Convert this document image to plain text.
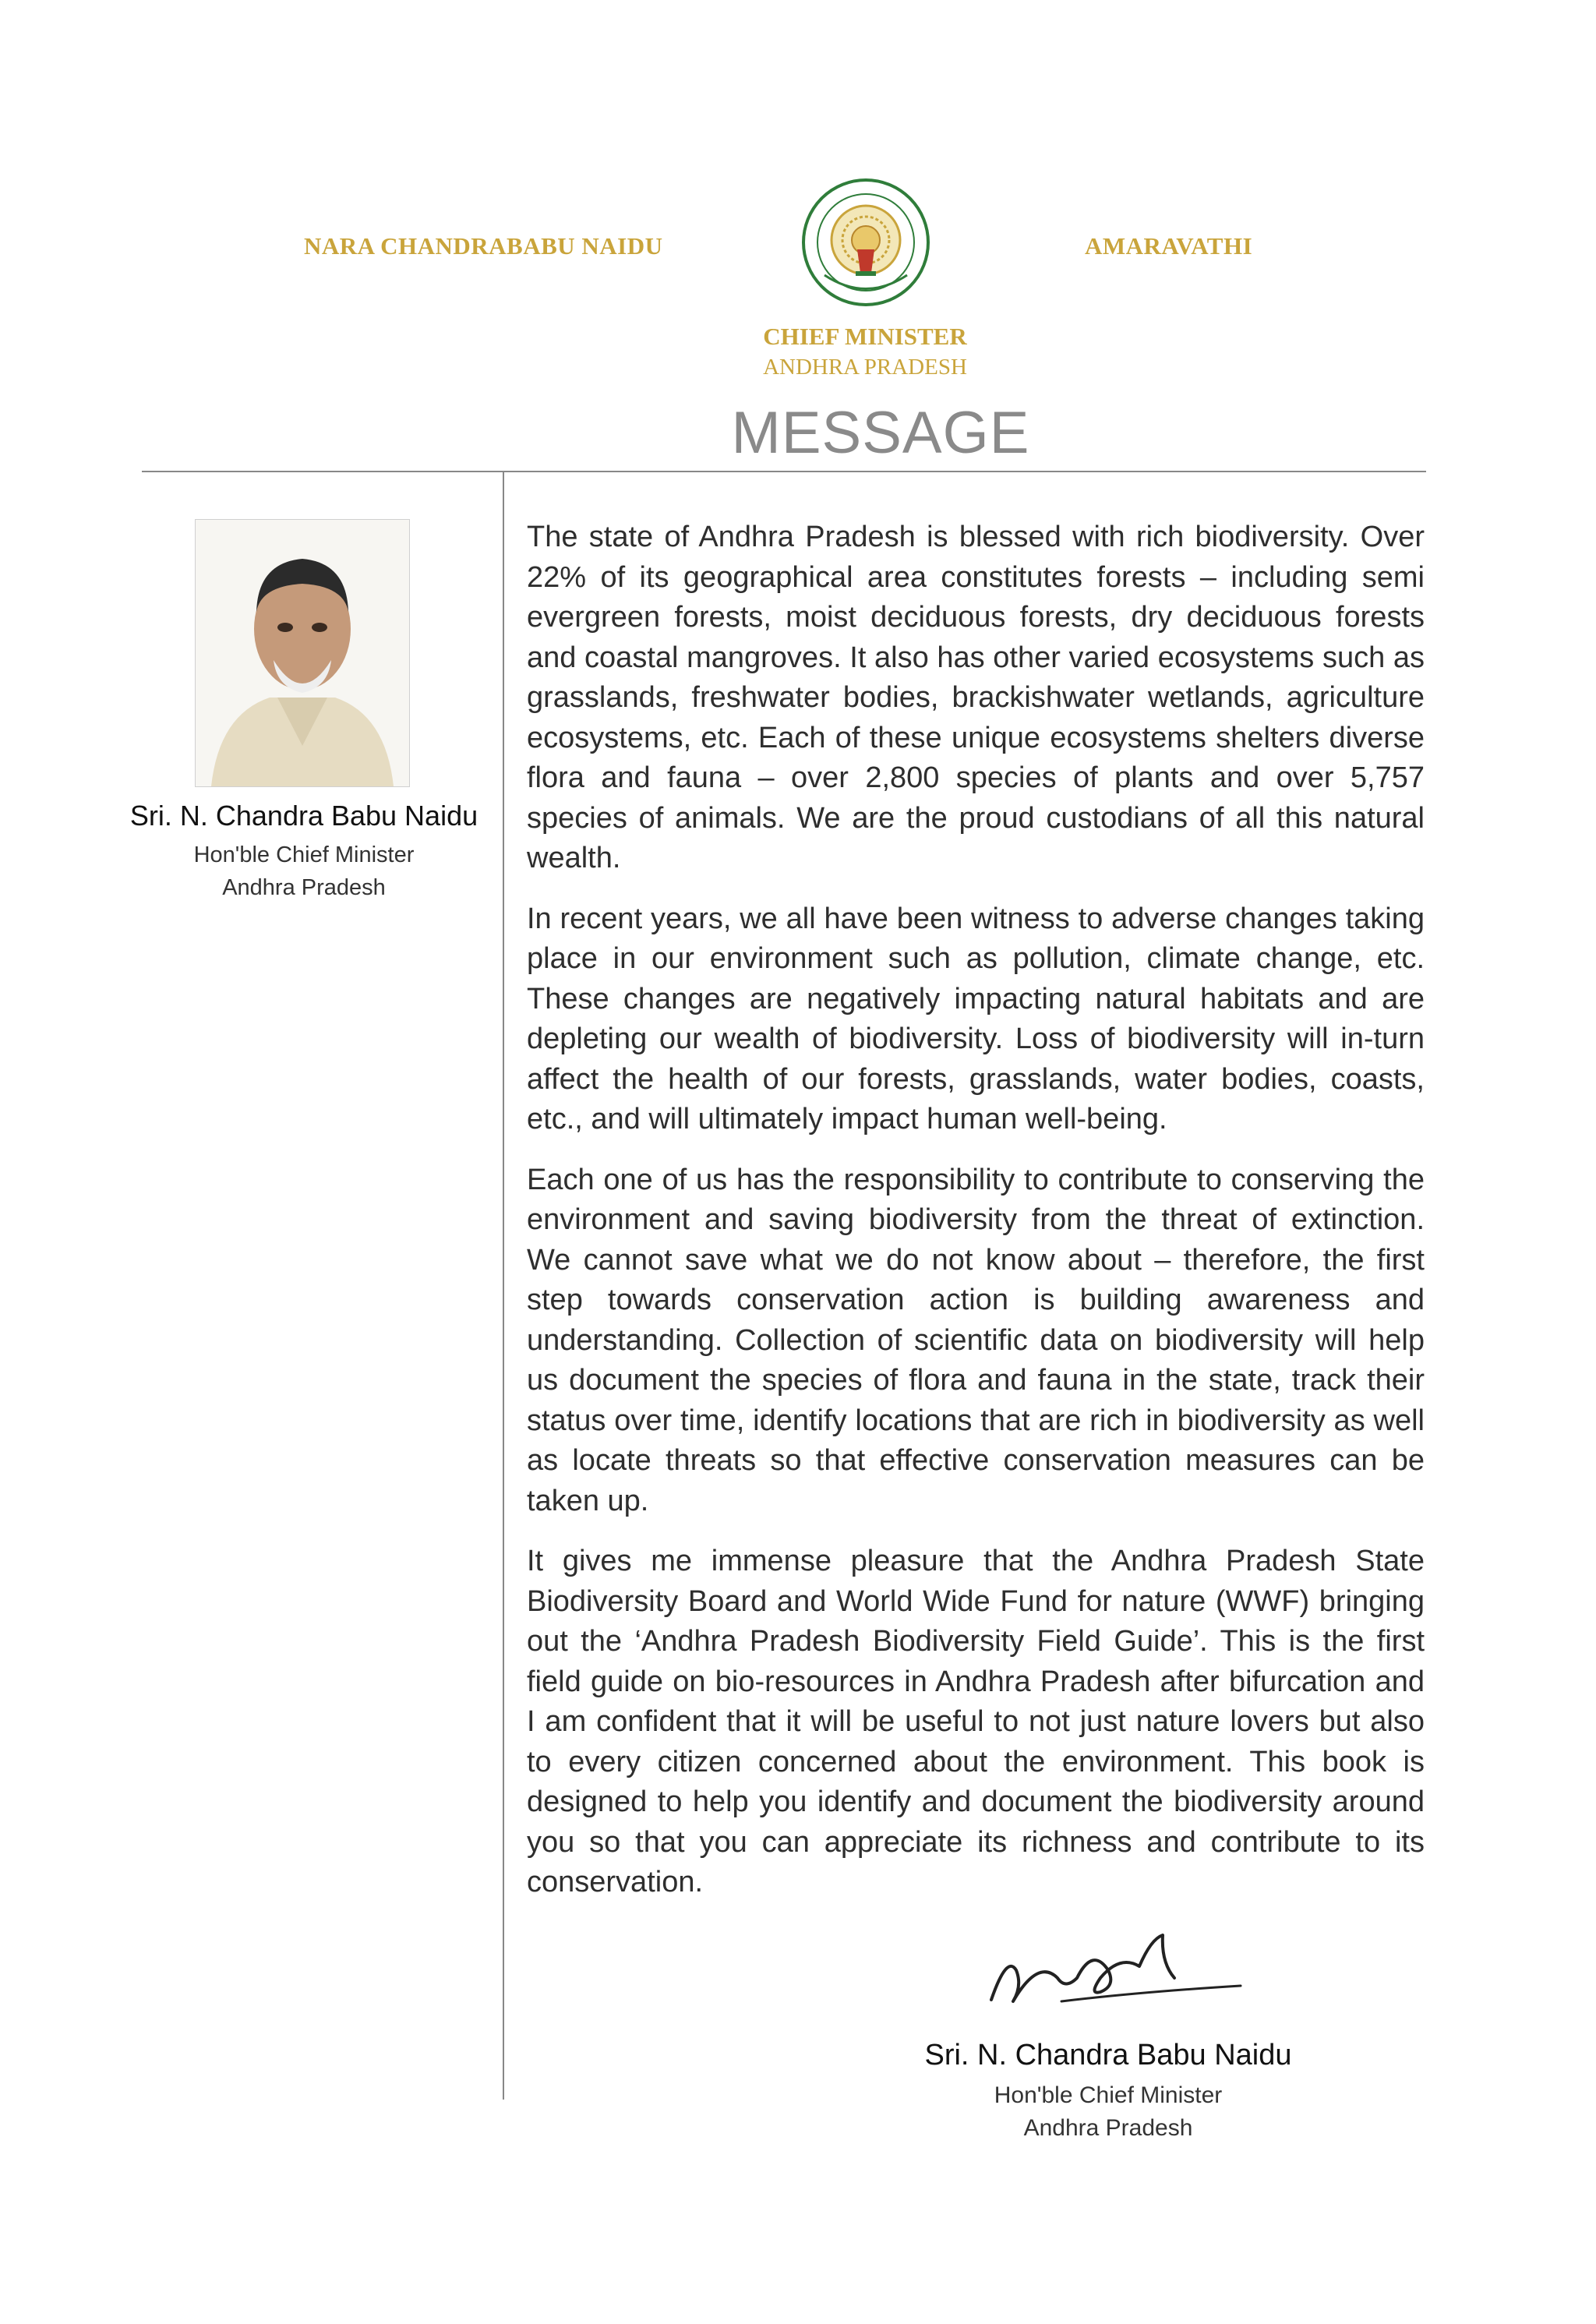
NARA CHANDRABABU NAIDU	AMARAVATHI
CHIEF MINISTER
ANDHRA PRADESH
MESSAGE
Sri. N. Chandra Babu Naidu
Hon'ble Chief Minister
Andhra Pradesh

The state of Andhra Pradesh is blessed with rich biodiversity. Over 22% of its geographical area constitutes forests – including semi evergreen forests, moist deciduous forests, dry deciduous forests and coastal mangroves. It also has other varied ecosystems such as grasslands, freshwater bodies, brackishwater wetlands, agriculture ecosystems, etc. Each of these unique ecosystems shelters diverse flora and fauna – over 2,800 species of plants and over 5,757 species of animals. We are the proud custodians of all this natural wealth.

In recent years, we all have been witness to adverse changes taking place in our environment such as pollution, climate change, etc. These changes are negatively impacting natural habitats and are depleting our wealth of biodiversity. Loss of biodiversity will in-turn affect the health of our forests, grasslands, water bodies, coasts, etc., and will ultimately impact human well-being.

Each one of us has the responsibility to contribute to conserving the environment and saving biodiversity from the threat of extinction. We cannot save what we do not know about – therefore, the first step towards conservation action is building awareness and understanding. Collection of scientific data on biodiversity will help us document the species of flora and fauna in the state, track their status over time, identify locations that are rich in biodiversity as well as locate threats so that effective conservation measures can be taken up.

It gives me immense pleasure that the Andhra Pradesh State Biodiversity Board and World Wide Fund for nature (WWF) bringing out the ‘Andhra Pradesh Biodiversity Field Guide’. This is the first field guide on bio-resources in Andhra Pradesh after bifurcation and I am confident that it will be useful to not just nature lovers but also to every citizen concerned about the environment. This book is designed to help you identify and document the biodiversity around you so that you can appreciate its richness and contribute to its conservation.

Sri. N. Chandra Babu Naidu
Hon'ble Chief Minister
Andhra Pradesh
